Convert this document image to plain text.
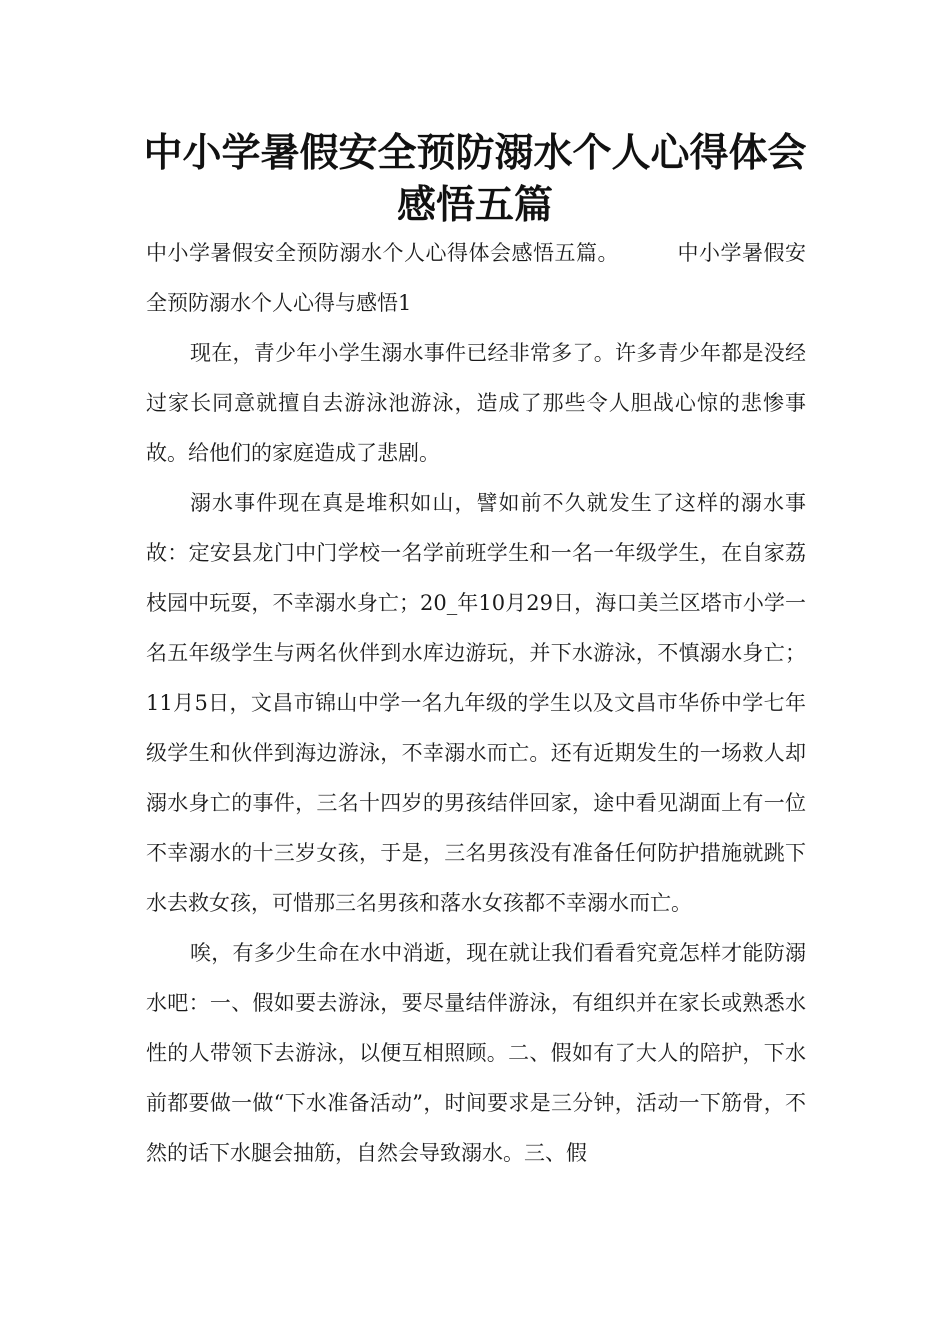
中小学暑假安全预防溺水个人心得体会
感悟五篇

中小学暑假安全预防溺水个人心得体会感悟五篇。	中小学暑假安全预防溺水个人心得与感悟1

现在，青少年小学生溺水事件已经非常多了。许多青少年都是没经过家长同意就擅自去游泳池游泳，造成了那些令人胆战心惊的悲惨事故。给他们的家庭造成了悲剧。

溺水事件现在真是堆积如山，譬如前不久就发生了这样的溺水事故：定安县龙门中门学校一名学前班学生和一名一年级学生，在自家荔枝园中玩耍，不幸溺水身亡；20_年10月29日，海口美兰区塔市小学一名五年级学生与两名伙伴到水库边游玩，并下水游泳，不慎溺水身亡；11月5日，文昌市锦山中学一名九年级的学生以及文昌市华侨中学七年级学生和伙伴到海边游泳，不幸溺水而亡。还有近期发生的一场救人却溺水身亡的事件，三名十四岁的男孩结伴回家，途中看见湖面上有一位不幸溺水的十三岁女孩，于是，三名男孩没有准备任何防护措施就跳下水去救女孩，可惜那三名男孩和落水女孩都不幸溺水而亡。

唉，有多少生命在水中消逝，现在就让我们看看究竟怎样才能防溺水吧：一、假如要去游泳，要尽量结伴游泳，有组织并在家长或熟悉水性的人带领下去游泳，以便互相照顾。二、假如有了大人的陪护，下水前都要做一做“下水准备活动”，时间要求是三分钟，活动一下筋骨，不然的话下水腿会抽筋，自然会导致溺水。三、假
